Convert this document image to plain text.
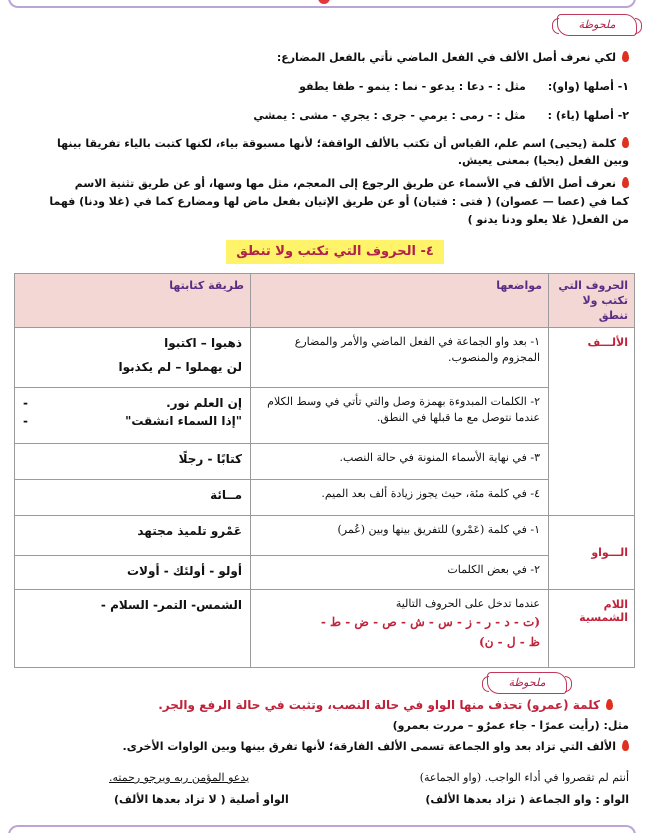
ملحوظة
لكي نعرف أصل الألف في الفعل الماضي نأتي بالفعل المضارع:
١- أصلها (واو):مثل : - دعا : يدعو - نما : ينمو - طفا يطفو
٢- أصلها (ياء) :مثل : - رمى : يرمي - جرى : يجري - مشى : يمشي
كلمة (يحيى) اسم علم، القياس أن تكتب بالألف الواقفة؛ لأنها مسبوقة بياء، لكنها كتبت بالياء تفريقا بينها
وبين الفعل (يحيا) بمعنى يعيش.
نعرف أصل الألف في الأسماء عن طريق الرجوع إلى المعجم، مثل مها وسها، أو عن طريق تثنية الاسم
كما في (عصا — عصوان) ( فتى : فتيان) أو عن طريق الإتيان بفعل ماض لها ومضارع كما في (غلا ودنا) فهما
من الفعل( غلا يعلو ودنا يدنو )
٤- الحروف التي تكتب ولا تنطق
الحروف التي تكتب ولا تنطق	مواضعها	طريقة كتابتها
الألـــف	١- بعد واو الجماعة في الفعل الماضي والأمر والمضارع المجزوم والمنصوب.	ذهبوا – اكتبوا
لن يهملوا – لم يكذبوا

	٢- الكلمات المبدوءة بهمزة وصل والتي تأتي في وسط الكلام عندما نتوصل مع ما قبلها في النطق.	إن العلم نور.
-
"إذا السماء انشقت"
-

	٣- في نهاية الأسماء المنونة في حالة النصب.	كتابًا - رجلًا
	٤- في كلمة مئة، حيث يجوز زيادة ألف بعد الميم.	مــائة
الـــواو	١- في كلمة (عَمْرو) للتفريق بينها وبين (عُمر)	عَمْرو تلميذ مجتهد
	٢- في بعض الكلمات	أولو - أولئك - أولات
اللام الشمسية	عندما تدخل على الحروف التالية
(ت - د - ر - ز - س - ش - ص - ض - ط -
ظ - ل - ن)	الشمس- التمر- السلام -
ملحوظة
كلمة (عمرو) تحذف منها الواو في حالة النصب، وتثبت في حالة الرفع والجر.
مثل: (رأيت عمرًا - جاء عمرٌو – مررت بعمرو)
الألف التي تزاد بعد واو الجماعة تسمى الألف الفارقة؛ لأنها تفرق بينها وبين الواوات الأخرى.
أنتم لم تقصروا في أداء الواجب. (واو الجماعة)
يدعو المؤمن ربه ويرجو رحمته.
الواو : واو الجماعة ( تزاد بعدها الألف)
الواو أصلية ( لا تزاد بعدها الألف)
